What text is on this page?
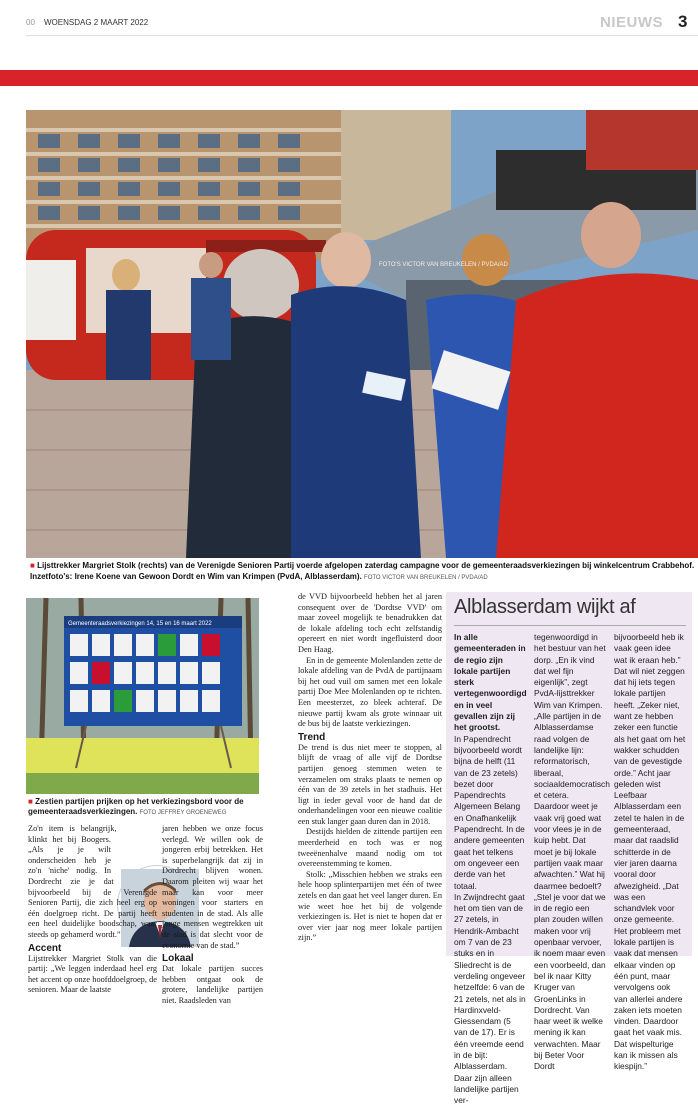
00 WOENSDAG 2 MAART 2022	NIEUWS 3
FOTO'S VICTOR VAN BREUKELEN / PVDA/AD
■ Lijsttrekker Margriet Stolk (rechts) van de Verenigde Senioren Partij voerde afgelopen zaterdag campagne voor de gemeenteraadsverkiezingen bij winkelcentrum Crabbehof. Inzetfoto's: Irene Koene van Gewoon Dordt en Wim van Krimpen (PvdA, Alblasserdam). FOTO VICTOR VAN BREUKELEN / PVDA/AD
Gemeenteraadsverkiezingen 14, 15 en 16 maart 2022
■ Zestien partijen prijken op het verkiezingsbord voor de gemeenteraadsverkiezingen. FOTO JEFFREY GROENEWEG

Zo'n item is belangrijk, klinkt het bij Boogers. „Als je je wilt onderscheiden heb je zo'n 'niche' nodig. In Dordrecht zie je dat bijvoorbeeld bij de Verenigde Senioren Partij, die zich heel erg op één doelgroep richt. De partij heeft een heel duidelijke boodschap, waar steeds op gehamerd wordt.”

Accent

Lijsttrekker Margriet Stolk van die partij: „We leggen inderdaad heel erg het accent op onze hoofddoelgroep, de senioren. Maar de laatste

jaren hebben we onze focus verlegd. We willen ook de jongeren erbij betrekken. Het is superbelangrijk dat zij in Dordrecht blijven wonen. Daarom pleiten wij waar het maar kan voor meer woningen voor starters en studenten in de stad. Als alle jonge mensen wegtrekken uit de stad is dat slecht voor de economie van de stad.”

Lokaal

Dat lokale partijen succes hebben ontgaat ook de grotere, landelijke partijen niet. Raadsleden van

de VVD bijvoorbeeld hebben het al jaren consequent over de 'Dordtse VVD' om maar zoveel mogelijk te benadrukken dat de lokale afdeling toch echt zelfstandig opereert en niet wordt ingefluisterd door Den Haag.

En in de gemeente Molenlanden zette de lokale afdeling van de PvdA de partijnaam bij het oud vuil om samen met een lokale partij Doe Mee Molenlanden op te richten. Een meesterzet, zo bleek achteraf. De nieuwe partij kwam als grote winnaar uit de bus bij de laatste verkiezingen.

Trend

De trend is dus niet meer te stoppen, al blijft de vraag of alle vijf de Dordtse partijen genoeg stemmen weten te verzamelen om straks plaats te nemen op één van de 39 zetels in het stadhuis. Het ligt in ieder geval voor de hand dat de onderhandelingen voor een nieuwe coalitie een stuk langer gaan duren dan in 2018.

Destijds hielden de zittende partijen een meerderheid en toch was er nog tweeënenhalve maand nodig om tot overeenstemming te komen.

Stolk: „Misschien hebben we straks een hele hoop splinterpartijen met één of twee zetels en dan gaat het veel langer duren. En wie weet hoe het bij de volgende verkiezingen is. Het is niet te hopen dat er over vier jaar nog meer lokale partijen zijn.”

Alblasserdam wijkt af

In alle gemeenteraden in de regio zijn lokale partijen sterk vertegenwoordigd en in veel gevallen zijn zij het grootst.

In Papendrecht bijvoorbeeld wordt bijna de helft (11 van de 23 zetels) bezet door Papendrechts Algemeen Belang en Onafhankelijk Papendrecht. In de andere gemeenten gaat het telkens om ongeveer een derde van het totaal.

In Zwijndrecht gaat het om tien van de 27 zetels, in Hendrik-Ambacht om 7 van de 23 stuks en in Sliedrecht is de verdeling ongeveer hetzelfde: 6 van de 21 zetels, net als in Hardinxveld-Giessendam (5 van de 17). Er is één vreemde eend in de bijt: Alblasserdam. Daar zijn alleen landelijke partijen ver-

tegenwoordigd in het bestuur van het dorp. „En ik vind dat wel fijn eigenlijk”, zegt PvdA-lijsttrekker Wim van Krimpen. „Alle partijen in de Alblasserdamse raad volgen de landelijke lijn: reformatorisch, liberaal, sociaaldemocratisch et cetera. Daardoor weet je vaak vrij goed wat voor vlees je in de kuip hebt. Dat moet je bij lokale partijen vaak maar afwachten.” Wat hij daarmee bedoelt? „Stel je voor dat we in de regio een plan zouden willen maken voor vrij openbaar vervoer, ik noem maar even een voorbeeld, dan bel ik naar Kitty Kruger van GroenLinks in Dordrecht. Van haar weet ik welke mening ik kan verwachten. Maar bij Beter Voor Dordt

bijvoorbeeld heb ik vaak geen idee wat ik eraan heb.” Dat wil niet zeggen dat hij iets tegen lokale partijen heeft. „Zeker niet, want ze hebben zeker een functie als het gaat om het wakker schudden van de gevestigde orde.” Acht jaar geleden wist Leefbaar Alblasserdam een zetel te halen in de gemeenteraad, maar dat raadslid schitterde in de vier jaren daarna vooral door afwezigheid. „Dat was een schandvlek voor onze gemeente. Het probleem met lokale partijen is vaak dat mensen elkaar vinden op één punt, maar vervolgens ook van allerlei andere zaken iets moeten vinden. Daardoor gaat het vaak mis. Dat wispelturige kan ik missen als kiespijn.”
